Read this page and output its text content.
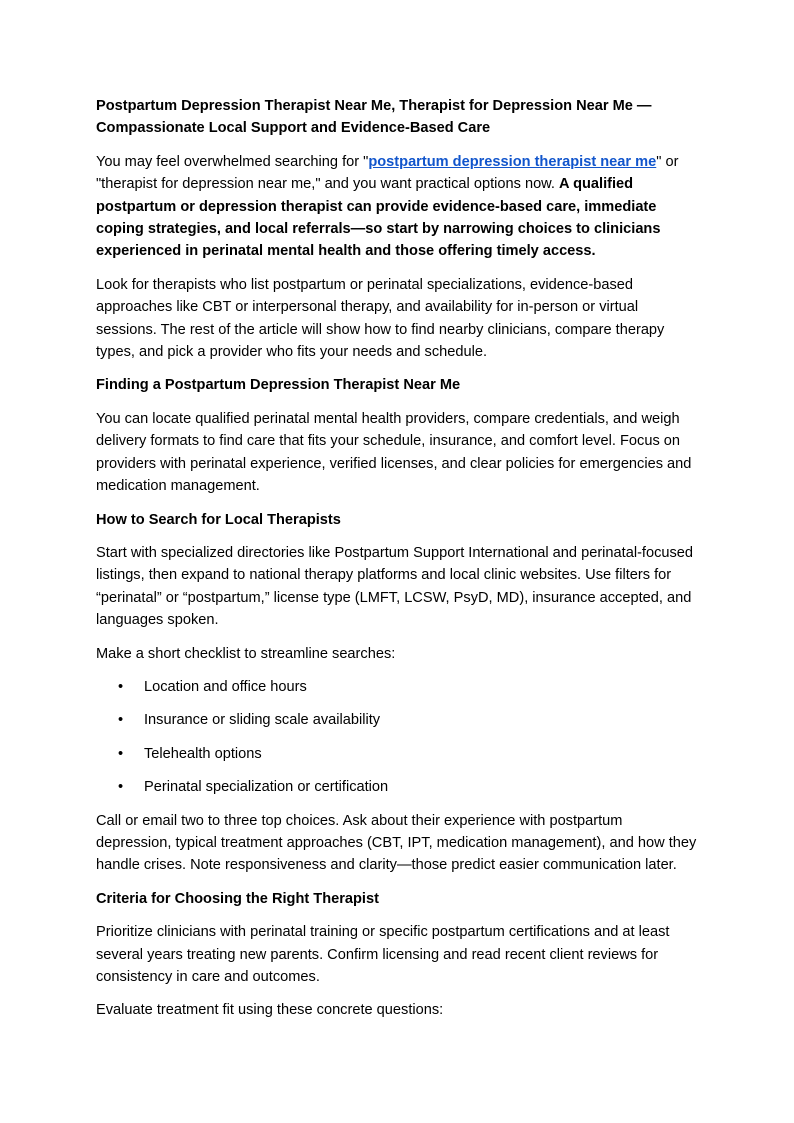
Postpartum Depression Therapist Near Me, Therapist for Depression Near Me — Compassionate Local Support and Evidence-Based Care

You may feel overwhelmed searching for "postpartum depression therapist near me" or "therapist for depression near me," and you want practical options now. A qualified postpartum or depression therapist can provide evidence-based care, immediate coping strategies, and local referrals—so start by narrowing choices to clinicians experienced in perinatal mental health and those offering timely access.

Look for therapists who list postpartum or perinatal specializations, evidence-based approaches like CBT or interpersonal therapy, and availability for in-person or virtual sessions. The rest of the article will show how to find nearby clinicians, compare therapy types, and pick a provider who fits your needs and schedule.

Finding a Postpartum Depression Therapist Near Me

You can locate qualified perinatal mental health providers, compare credentials, and weigh delivery formats to find care that fits your schedule, insurance, and comfort level. Focus on providers with perinatal experience, verified licenses, and clear policies for emergencies and medication management.

How to Search for Local Therapists

Start with specialized directories like Postpartum Support International and perinatal-focused listings, then expand to national therapy platforms and local clinic websites. Use filters for “perinatal” or “postpartum,” license type (LMFT, LCSW, PsyD, MD), insurance accepted, and languages spoken.

Make a short checklist to streamline searches:

• Location and office hours
• Insurance or sliding scale availability
• Telehealth options
• Perinatal specialization or certification

Call or email two to three top choices. Ask about their experience with postpartum depression, typical treatment approaches (CBT, IPT, medication management), and how they handle crises. Note responsiveness and clarity—those predict easier communication later.

Criteria for Choosing the Right Therapist

Prioritize clinicians with perinatal training or specific postpartum certifications and at least several years treating new parents. Confirm licensing and read recent client reviews for consistency in care and outcomes.

Evaluate treatment fit using these concrete questions:
